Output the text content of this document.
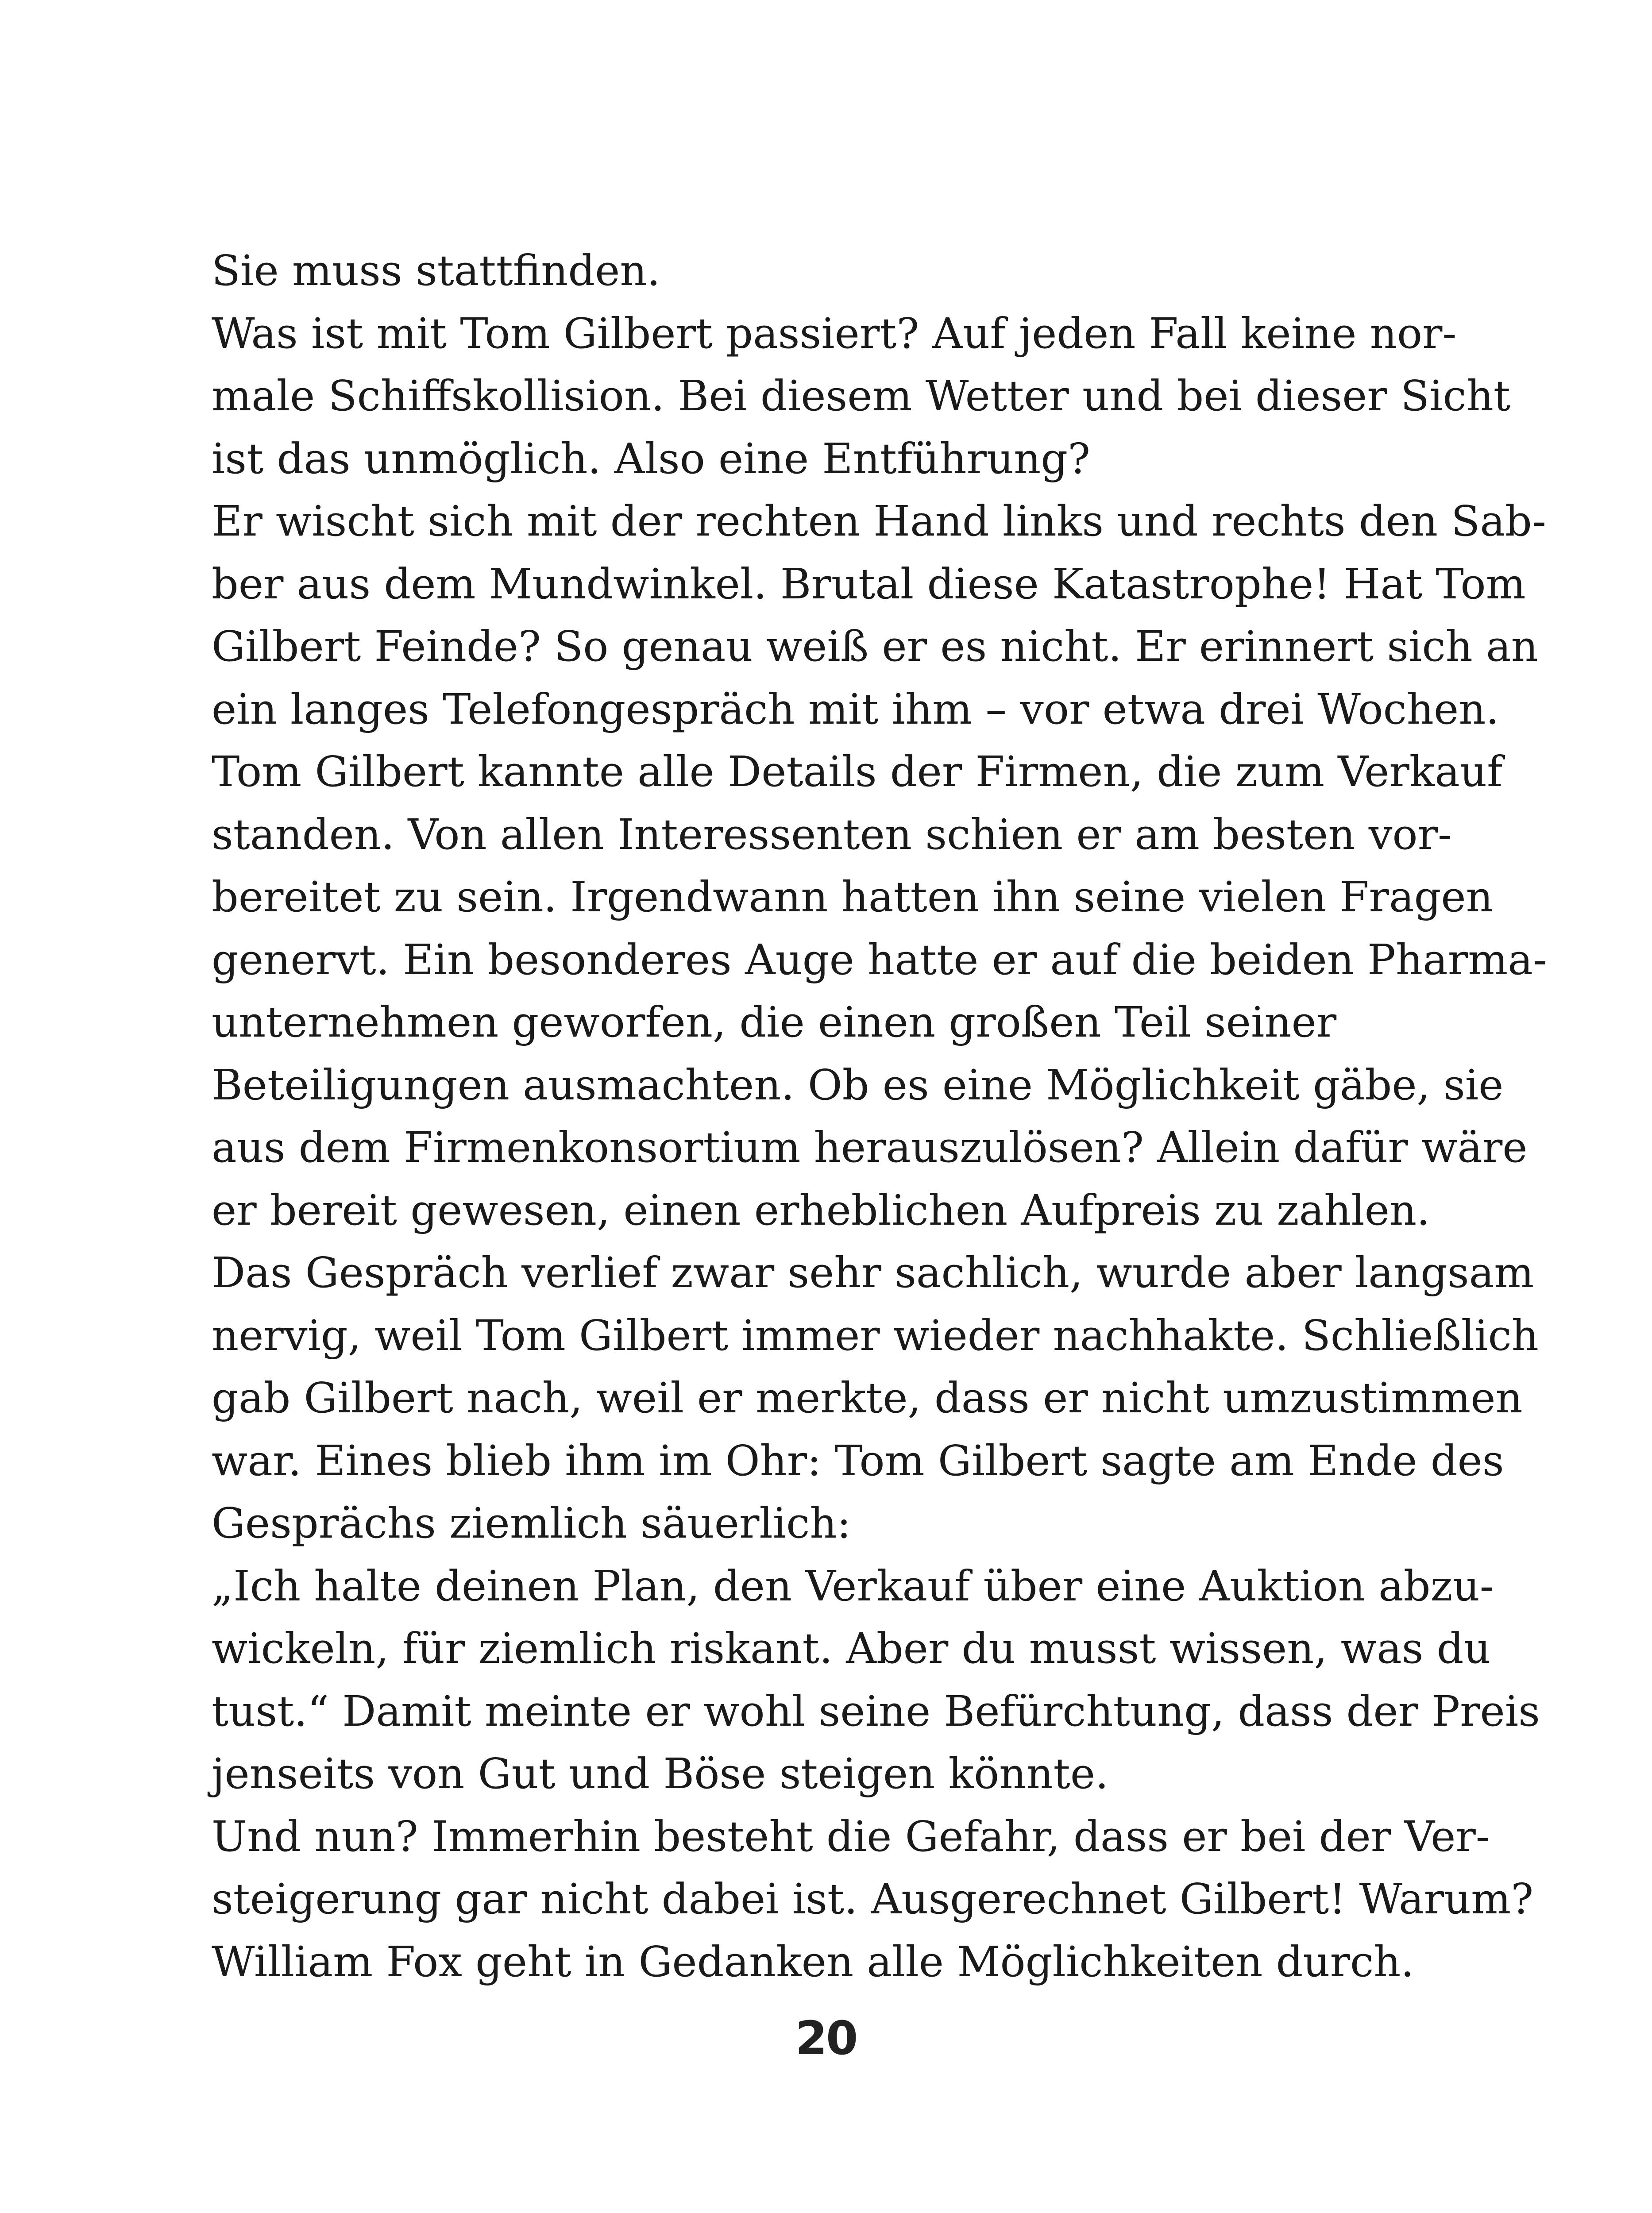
Sie muss stattfinden.
Was ist mit Tom Gilbert passiert? Auf jeden Fall keine nor-
male Schiffskollision. Bei diesem Wetter und bei dieser Sicht
ist das unmöglich. Also eine Entführung?
Er wischt sich mit der rechten Hand links und rechts den Sab-
ber aus dem Mundwinkel. Brutal diese Katastrophe! Hat Tom
Gilbert Feinde? So genau weiß er es nicht. Er erinnert sich an
ein langes Telefongespräch mit ihm – vor etwa drei Wochen.
Tom Gilbert kannte alle Details der Firmen, die zum Verkauf
standen. Von allen Interessenten schien er am besten vor-
bereitet zu sein. Irgendwann hatten ihn seine vielen Fragen
genervt. Ein besonderes Auge hatte er auf die beiden Pharma-
unternehmen geworfen, die einen großen Teil seiner
Beteiligungen ausmachten. Ob es eine Möglichkeit gäbe, sie
aus dem Firmenkonsortium herauszulösen? Allein dafür wäre
er bereit gewesen, einen erheblichen Aufpreis zu zahlen.
Das Gespräch verlief zwar sehr sachlich, wurde aber langsam
nervig, weil Tom Gilbert immer wieder nachhakte. Schließlich
gab Gilbert nach, weil er merkte, dass er nicht umzustimmen
war. Eines blieb ihm im Ohr: Tom Gilbert sagte am Ende des
Gesprächs ziemlich säuerlich:
„Ich halte deinen Plan, den Verkauf über eine Auktion abzu-
wickeln, für ziemlich riskant. Aber du musst wissen, was du
tust.“ Damit meinte er wohl seine Befürchtung, dass der Preis
jenseits von Gut und Böse steigen könnte.
Und nun? Immerhin besteht die Gefahr, dass er bei der Ver-
steigerung gar nicht dabei ist. Ausgerechnet Gilbert! Warum?
William Fox geht in Gedanken alle Möglichkeiten durch.
20
